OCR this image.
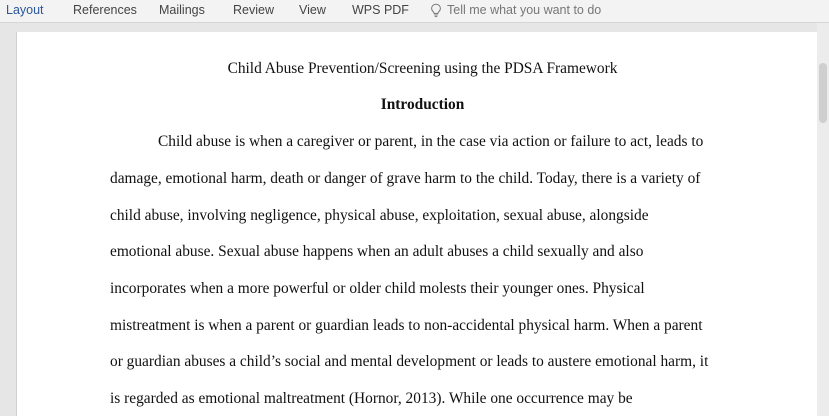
Layout References Mailings Review View WPS PDF	Tell me what you want to do
Child Abuse Prevention/Screening using the PDSA Framework
Introduction
Child abuse is when a caregiver or parent, in the case via action or failure to act, leads to
damage, emotional harm, death or danger of grave harm to the child. Today, there is a variety of
child abuse, involving negligence, physical abuse, exploitation, sexual abuse, alongside
emotional abuse. Sexual abuse happens when an adult abuses a child sexually and also
incorporates when a more powerful or older child molests their younger ones. Physical
mistreatment is when a parent or guardian leads to non-accidental physical harm. When a parent
or guardian abuses a child’s social and mental development or leads to austere emotional harm, it
is regarded as emotional maltreatment (Hornor, 2013). While one occurrence may be
